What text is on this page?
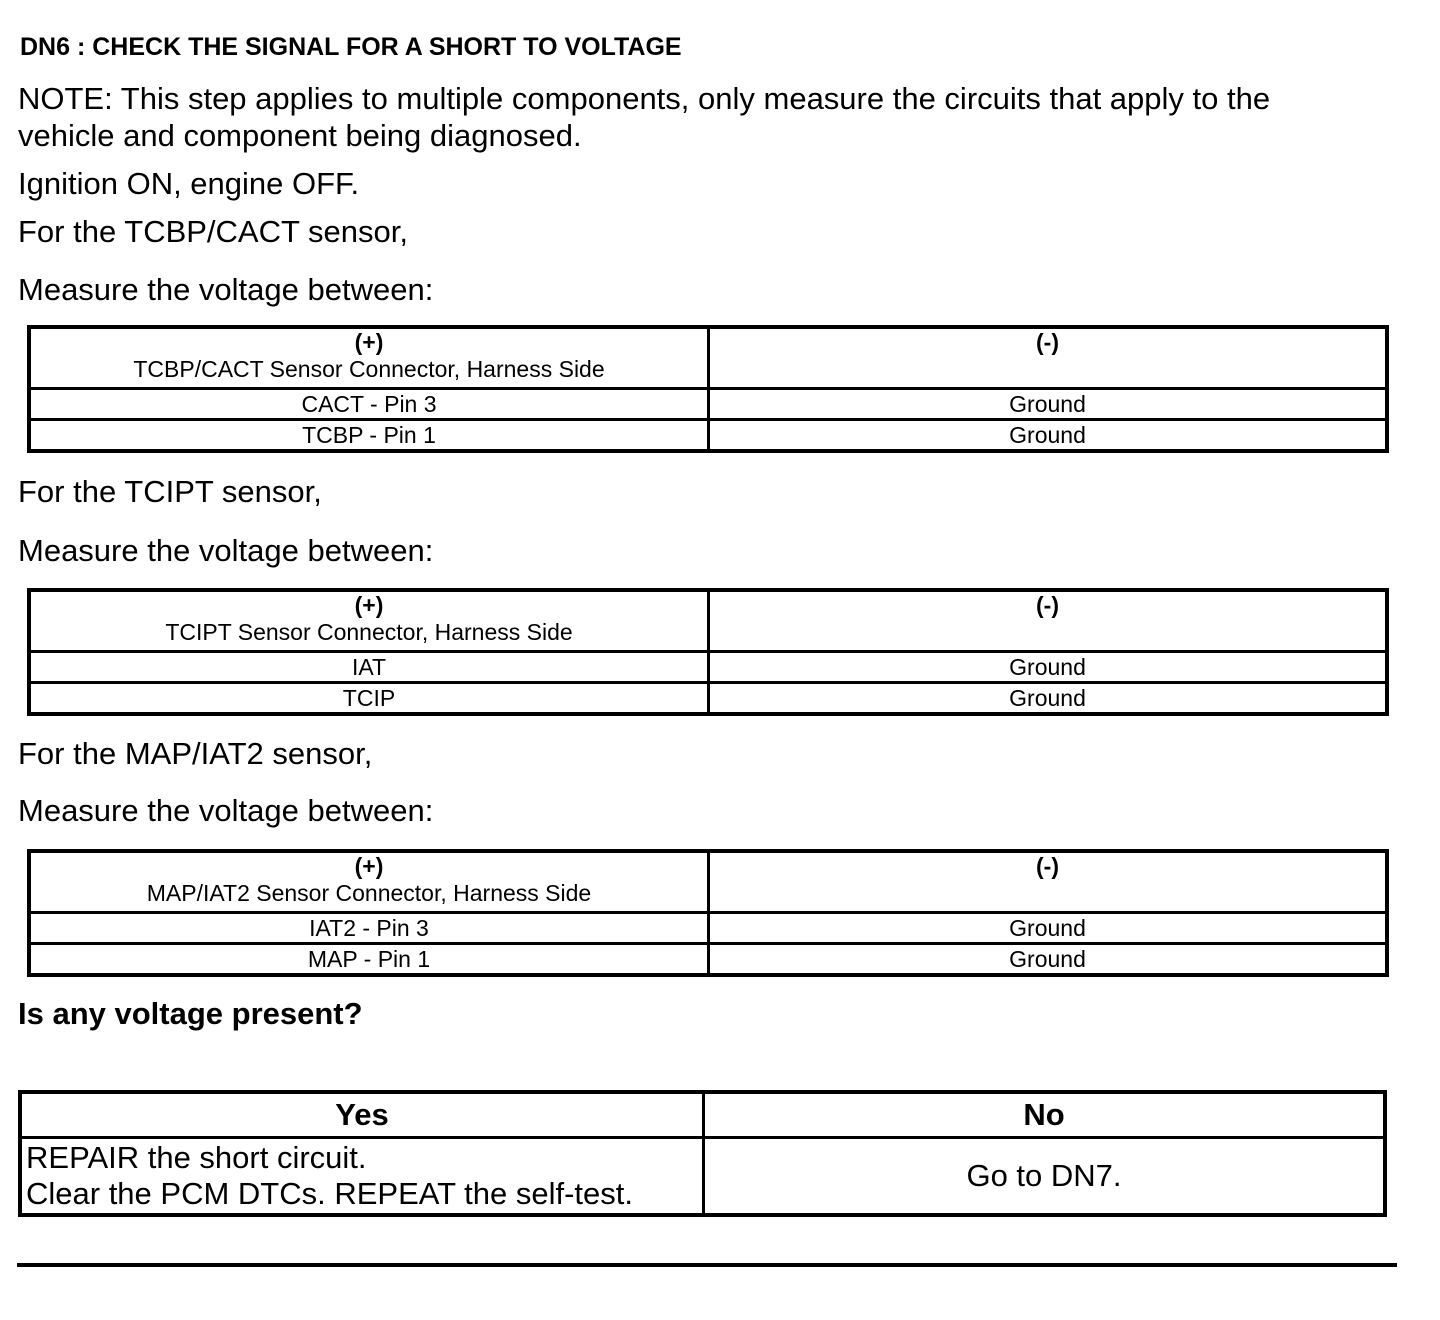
DN6 : CHECK THE SIGNAL FOR A SHORT TO VOLTAGE

NOTE: This step applies to multiple components, only measure the circuits that apply to the

vehicle and component being diagnosed.

Ignition ON, engine OFF.

For the TCBP/CACT sensor,

Measure the voltage between:

(+)
TCBP/CACT Sensor Connector, Harness Side	(-)

CACT - Pin 3	Ground
TCBP - Pin 1	Ground

For the TCIPT sensor,

Measure the voltage between:

(+)
TCIPT Sensor Connector, Harness Side	(-)

IAT	Ground
TCIP	Ground

For the MAP/IAT2 sensor,

Measure the voltage between:

(+)
MAP/IAT2 Sensor Connector, Harness Side	(-)

IAT2 - Pin 3	Ground
MAP - Pin 1	Ground

Is any voltage present?

Yes	No

REPAIR the short circuit.
Clear the PCM DTCs. REPEAT the self-test.	Go to DN7.
